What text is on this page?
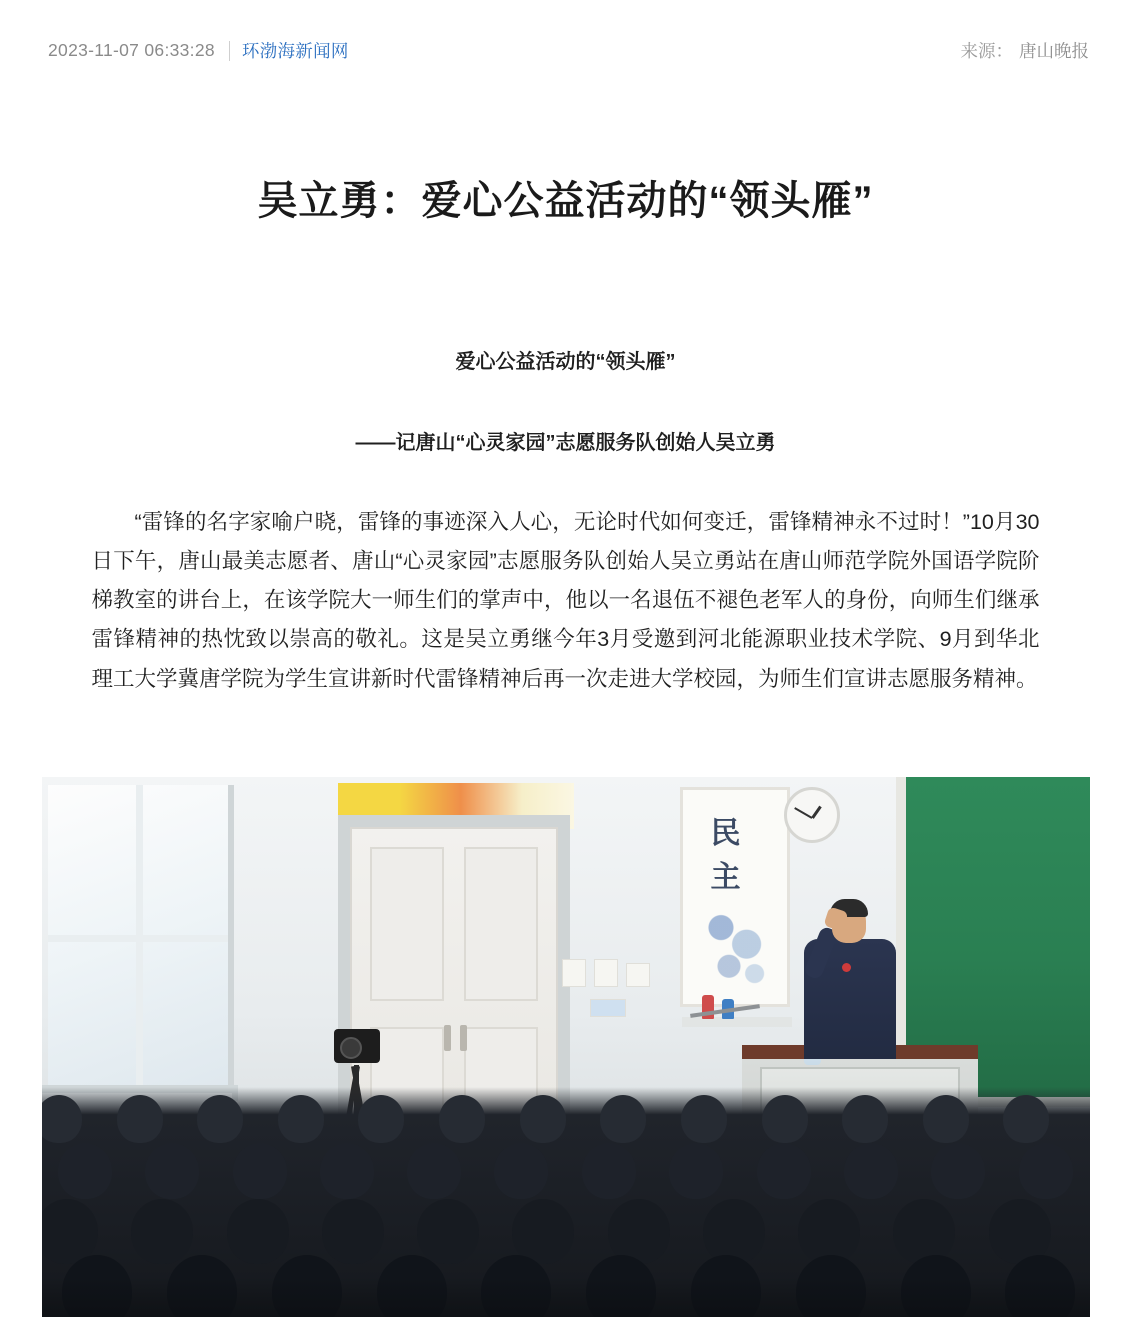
2023-11-07 06:33:28 环渤海新闻网	来源： 唐山晚报
吴立勇：爱心公益活动的“领头雁”
爱心公益活动的“领头雁”
——记唐山“心灵家园”志愿服务队创始人吴立勇

“雷锋的名字家喻户晓，雷锋的事迹深入人心，无论时代如何变迁，雷锋精神永不过时！”10月30日下午，唐山最美志愿者、唐山“心灵家园”志愿服务队创始人吴立勇站在唐山师范学院外国语学院阶梯教室的讲台上，在该学院大一师生们的掌声中，他以一名退伍不褪色老军人的身份，向师生们继承雷锋精神的热忱致以崇高的敬礼。这是吴立勇继今年3月受邀到河北能源职业技术学院、9月到华北理工大学冀唐学院为学生宣讲新时代雷锋精神后再一次走进大学校园，为师生们宣讲志愿服务精神。

民
主
